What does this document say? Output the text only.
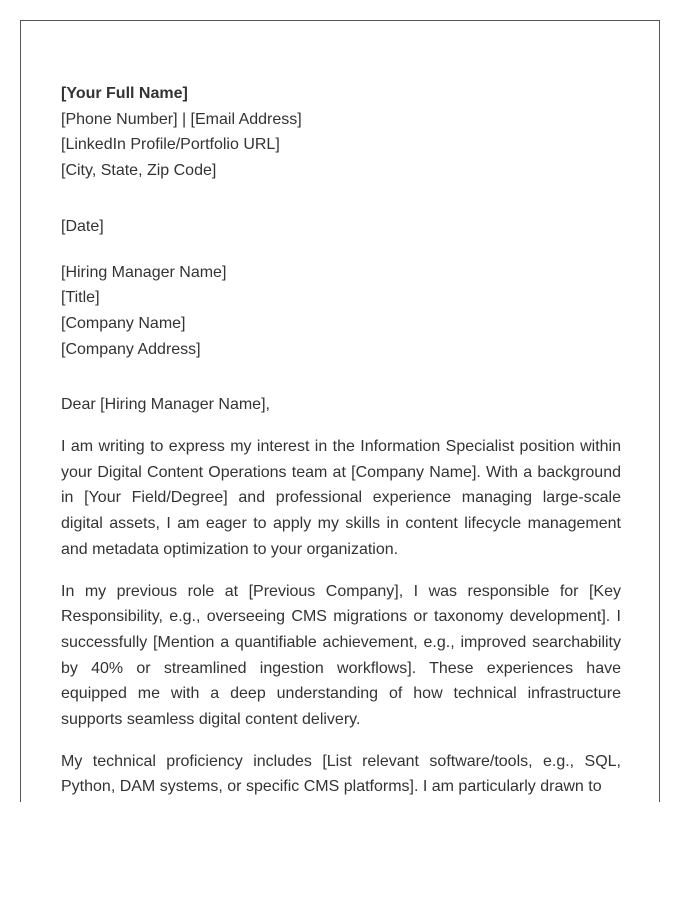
[Your Full Name]
[Phone Number] | [Email Address]
[LinkedIn Profile/Portfolio URL]
[City, State, Zip Code]
[Date]
[Hiring Manager Name]
[Title]
[Company Name]
[Company Address]

Dear [Hiring Manager Name],

I am writing to express my interest in the Information Specialist position within your Digital Content Operations team at [Company Name]. With a background in [Your Field/Degree] and professional experience managing large-scale digital assets, I am eager to apply my skills in content lifecycle management and metadata optimization to your organization.

In my previous role at [Previous Company], I was responsible for [Key Responsibility, e.g., overseeing CMS migrations or taxonomy development]. I successfully [Mention a quantifiable achievement, e.g., improved searchability by 40% or streamlined ingestion workflows]. These experiences have equipped me with a deep understanding of how technical infrastructure supports seamless digital content delivery.

My technical proficiency includes [List relevant software/tools, e.g., SQL, Python, DAM systems, or specific CMS platforms]. I am particularly drawn to
